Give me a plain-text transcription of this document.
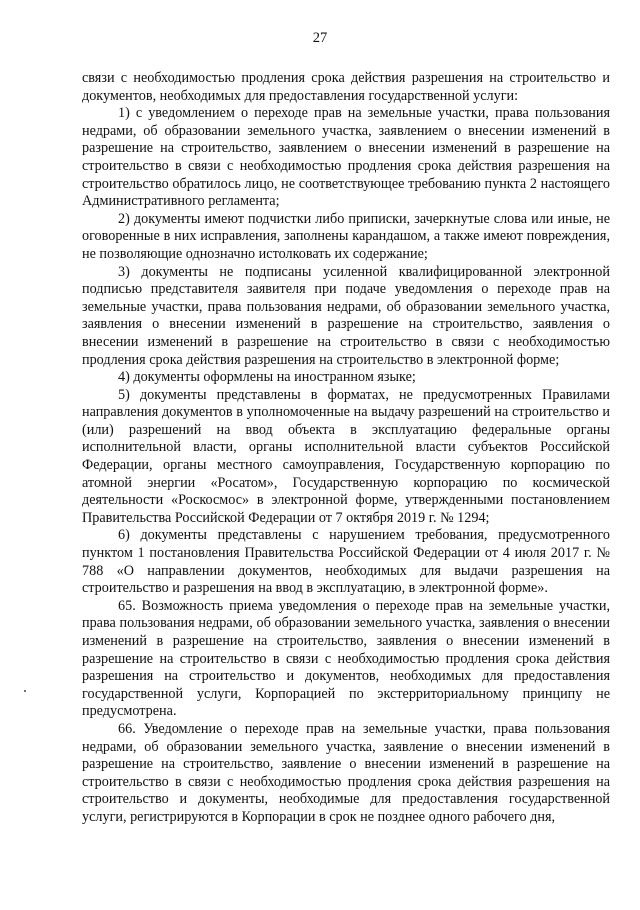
27

связи с необходимостью продления срока действия разрешения на строительство и документов, необходимых для предоставления государственной услуги:

1) с уведомлением о переходе прав на земельные участки, права пользования недрами, об образовании земельного участка, заявлением о внесении изменений в разрешение на строительство, заявлением о внесении изменений в разрешение на строительство в связи с необходимостью продления срока действия разрешения на строительство обратилось лицо, не соответствующее требованию пункта 2 настоящего Административного регламента;

2) документы имеют подчистки либо приписки, зачеркнутые слова или иные, не оговоренные в них исправления, заполнены карандашом, а также имеют повреждения, не позволяющие однозначно истолковать их содержание;

3) документы не подписаны усиленной квалифицированной электронной подписью представителя заявителя при подаче уведомления о переходе прав на земельные участки, права пользования недрами, об образовании земельного участка, заявления о внесении изменений в разрешение на строительство, заявления о внесении изменений в разрешение на строительство в связи с необходимостью продления срока действия разрешения на строительство в электронной форме;

4) документы оформлены на иностранном языке;

5) документы представлены в форматах, не предусмотренных Правилами направления документов в уполномоченные на выдачу разрешений на строительство и (или) разрешений на ввод объекта в эксплуатацию федеральные органы исполнительной власти, органы исполнительной власти субъектов Российской Федерации, органы местного самоуправления, Государственную корпорацию по атомной энергии «Росатом», Государственную корпорацию по космической деятельности «Роскосмос» в электронной форме, утвержденными постановлением Правительства Российской Федерации от 7 октября 2019 г. № 1294;

6) документы представлены с нарушением требования, предусмотренного пунктом 1 постановления Правительства Российской Федерации от 4 июля 2017 г. № 788 «О направлении документов, необходимых для выдачи разрешения на строительство и разрешения на ввод в эксплуатацию, в электронной форме».

65. Возможность приема уведомления о переходе прав на земельные участки, права пользования недрами, об образовании земельного участка, заявления о внесении изменений в разрешение на строительство, заявления о внесении изменений в разрешение на строительство в связи с необходимостью продления срока действия разрешения на строительство и документов, необходимых для предоставления государственной услуги, Корпорацией по экстерриториальному принципу не предусмотрена.

66. Уведомление о переходе прав на земельные участки, права пользования недрами, об образовании земельного участка, заявление о внесении изменений в разрешение на строительство, заявление о внесении изменений в разрешение на строительство в связи с необходимостью продления срока действия разрешения на строительство и документы, необходимые для предоставления государственной услуги, регистрируются в Корпорации в срок не позднее одного рабочего дня,
